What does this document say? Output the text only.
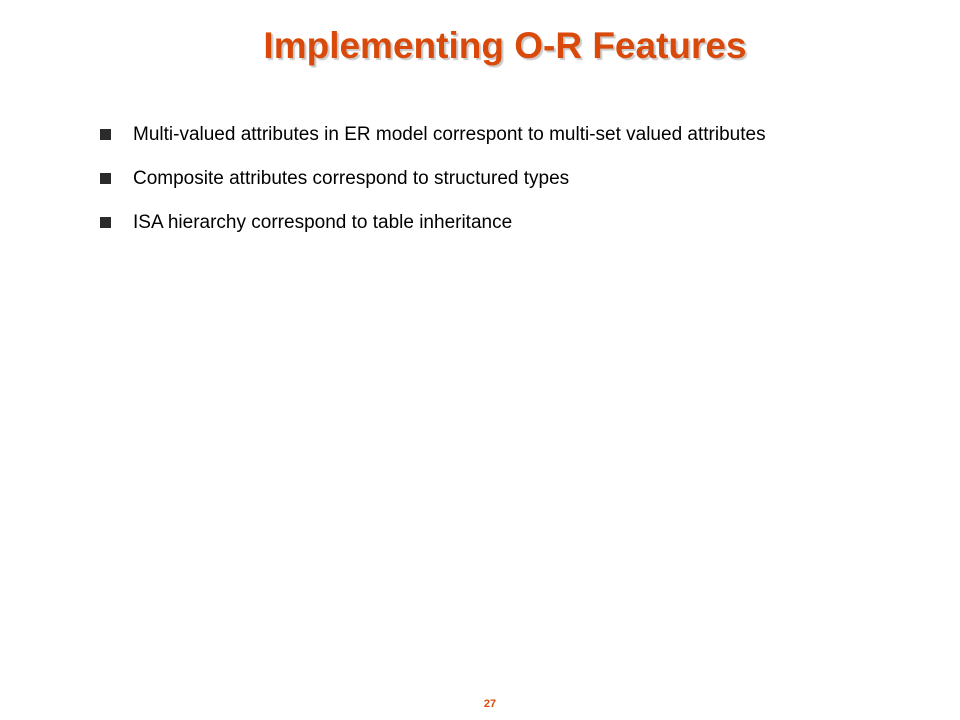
Implementing O-R Features
Multi-valued attributes in ER model correspont to multi-set valued attributes
Composite attributes correspond to structured types
ISA hierarchy correspond to table inheritance
27
